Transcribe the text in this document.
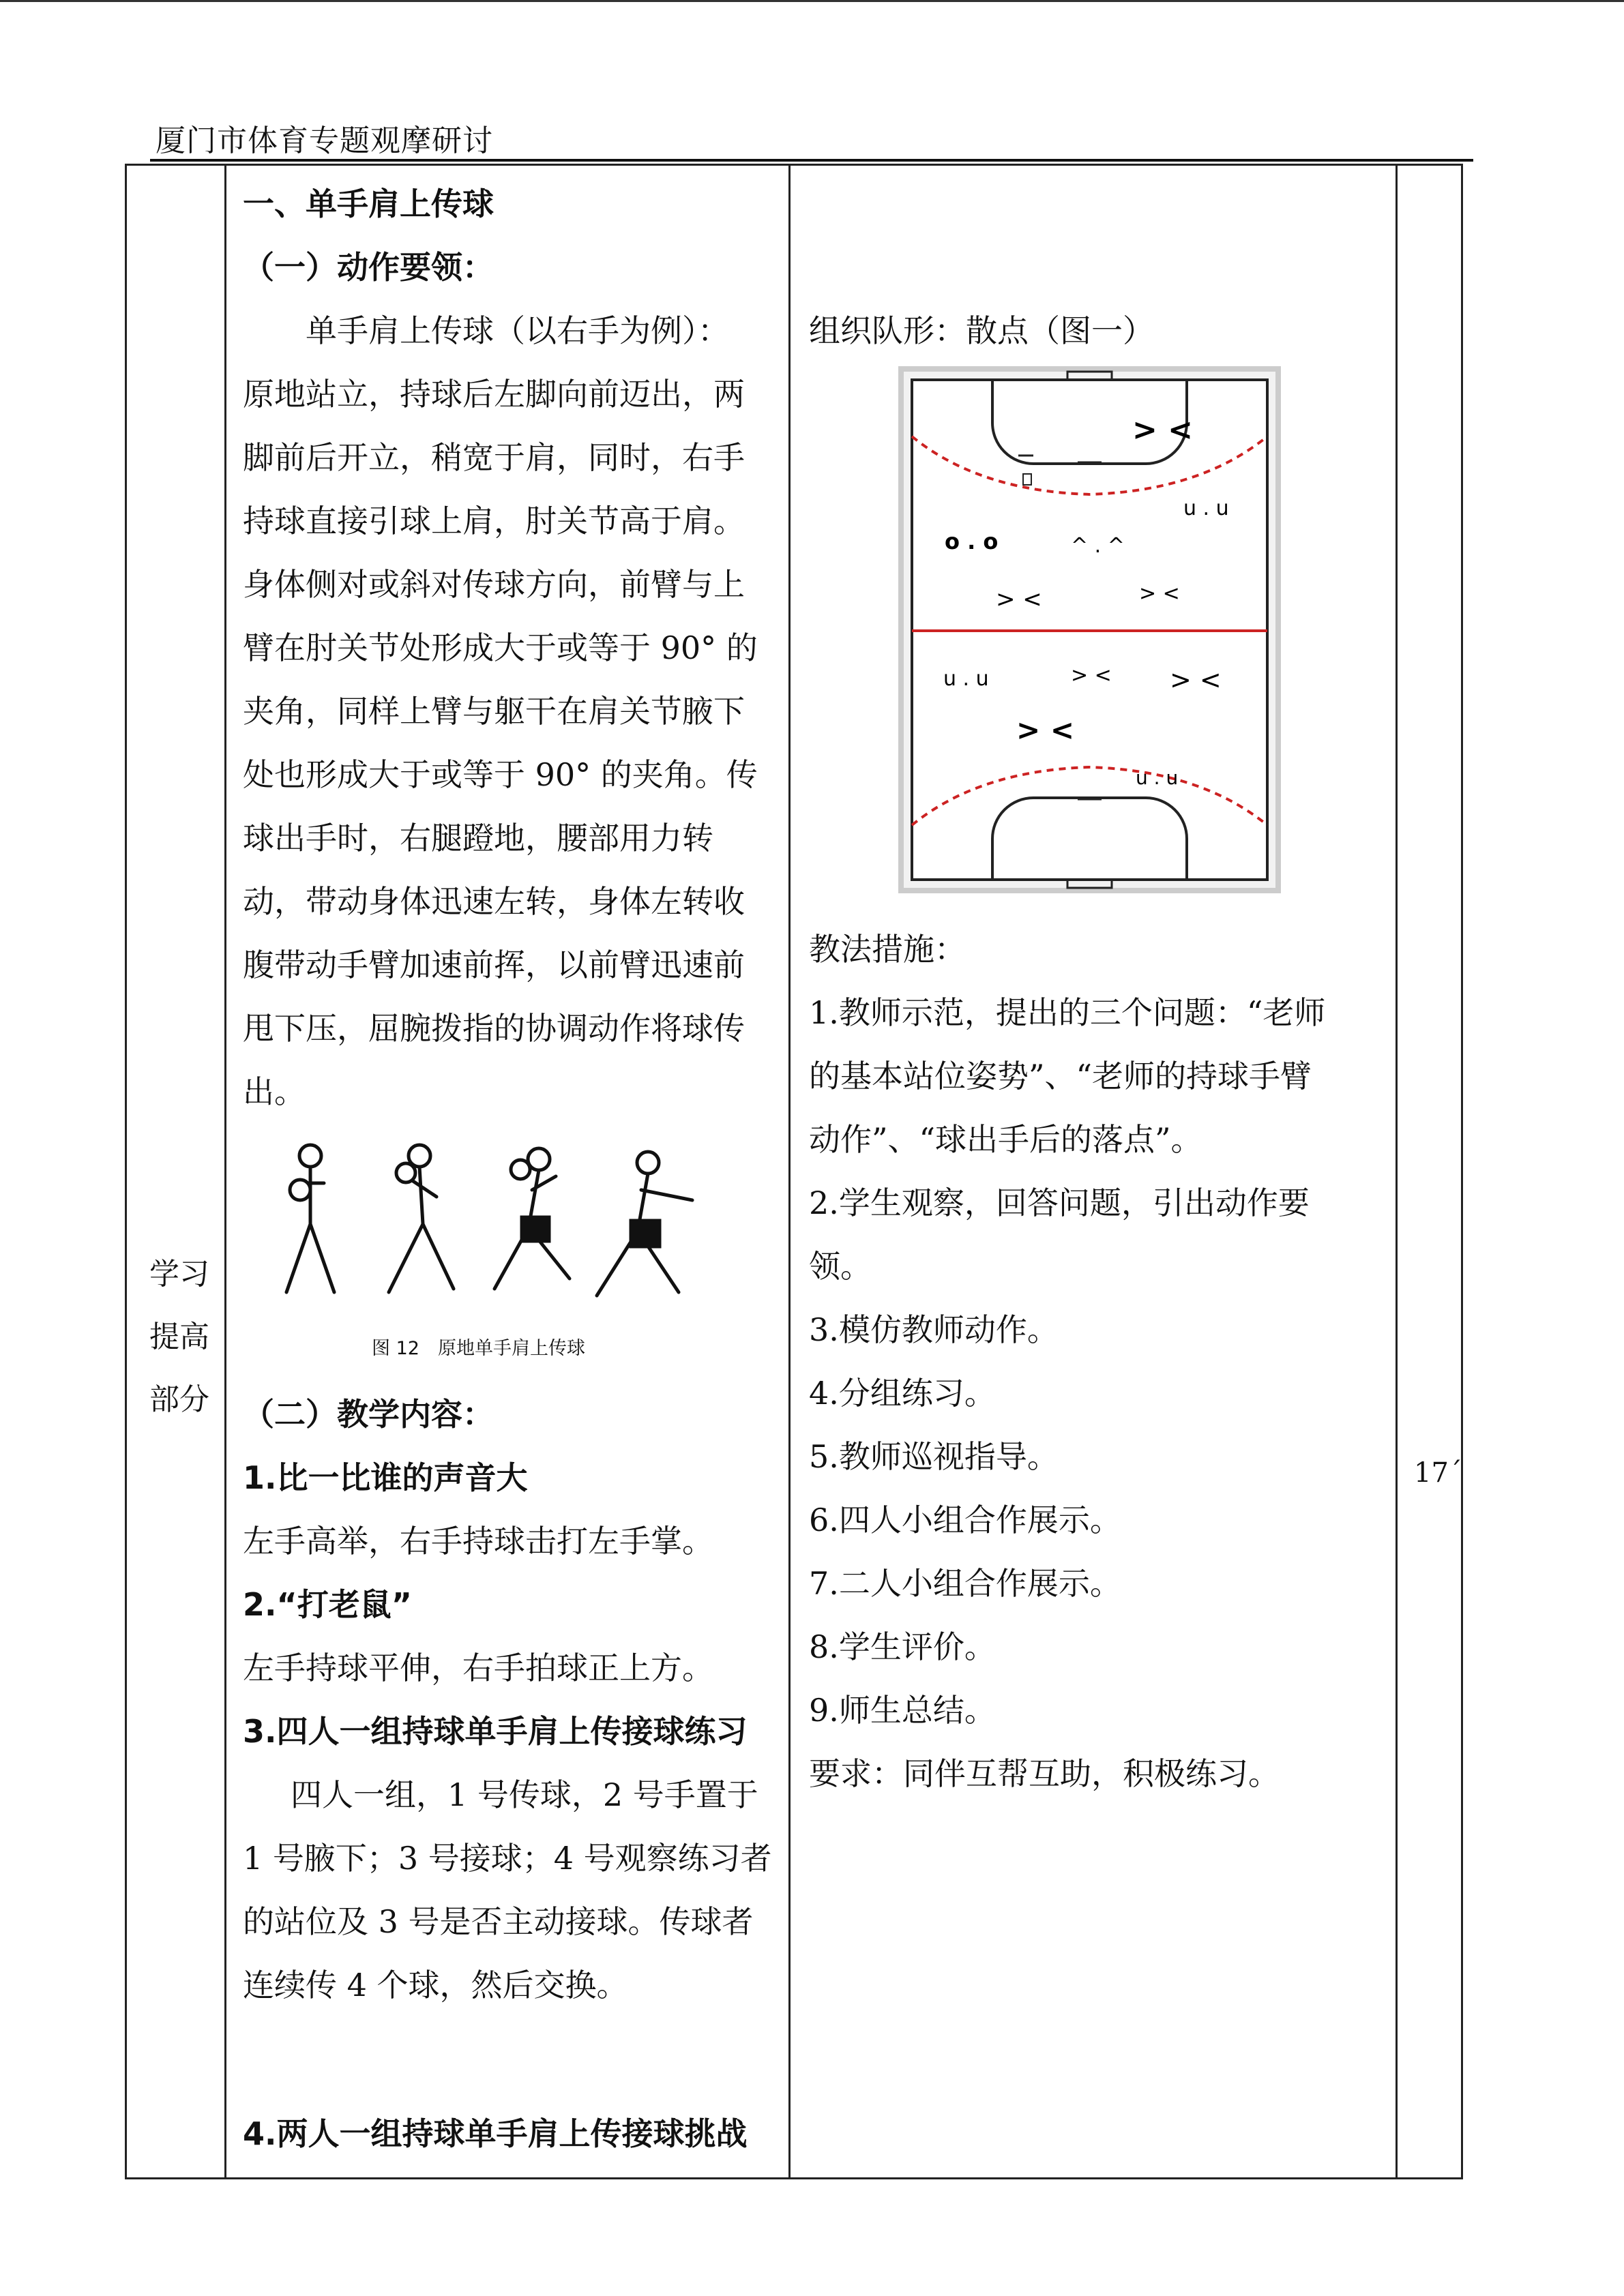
厦门市体育专题观摩研讨
学习
提高
部分
一、单手肩上传球
（一）动作要领：
单手肩上传球（以右手为例）：
原地站立，持球后左脚向前迈出，两
脚前后开立，稍宽于肩，同时，右手
持球直接引球上肩，肘关节高于肩。
身体侧对或斜对传球方向，前臂与上
臂在肘关节处形成大于或等于 90° 的
夹角，同样上臂与躯干在肩关节腋下
处也形成大于或等于 90° 的夹角。传
球出手时，右腿蹬地，腰部用力转
动，带动身体迅速左转，身体左转收
腹带动手臂加速前挥，以前臂迅速前
甩下压，屈腕拨指的协调动作将球传
出。
（二）教学内容：
1.比一比谁的声音大
左手高举，右手持球击打左手掌。
2.“打老鼠”
左手持球平伸，右手拍球正上方。
3.四人一组持球单手肩上传接球练习
四人一组，1 号传球，2 号手置于
1 号腋下；3 号接球；4 号观察练习者
的站位及 3 号是否主动接球。传球者
连续传 4 个球，然后交换。
4.两人一组持球单手肩上传接球挑战
组织队形：散点（图一）
教法措施：
1.教师示范，提出的三个问题：“老师
的基本站位姿势”、“老师的持球手臂
动作”、“球出手后的落点”。
2.学生观察，回答问题，引出动作要
领。
3.模仿教师动作。
4.分组练习。
5.教师巡视指导。
6.四人小组合作展示。
7.二人小组合作展示。
8.学生评价。
9.师生总结。
要求：同伴互帮互助，积极练习。
> <
u . u
^ . ^
o . o
> <	> <
u . u	> < > <
> <
u . u
图 12　原地单手肩上传球
17´
